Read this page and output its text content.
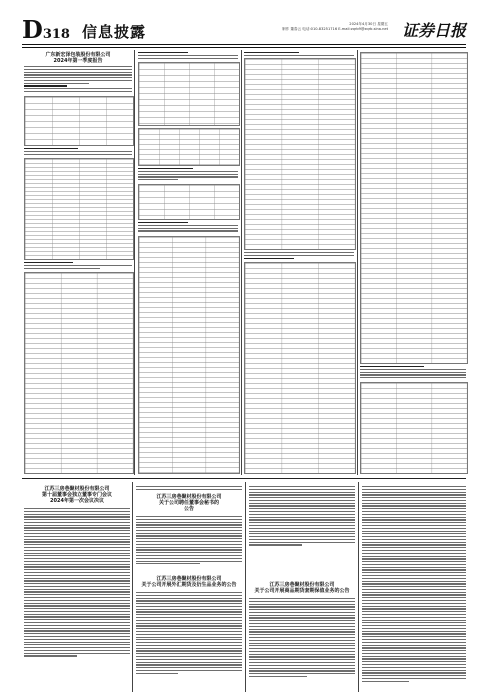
D318 信息披露	2024年4月30日 星期五
制作 董春云 电话:010-83251716 E-mail:zqrb9@zqrb.sina.net 证券日报
广东新宏泽包装股份有限公司
2024年第一季度报告
江苏三房巷聚材股份有限公司
第十届董事会独立董事专门会议
2024年第一次会议决议
江苏三房巷聚材股份有限公司
关于公司聘任董事会秘书的
公告
江苏三房巷聚材股份有限公司
关于公司开展外汇期货及衍生品业务的公告	江苏三房巷聚材股份有限公司
关于公司开展商品期货套期保值业务的公告
